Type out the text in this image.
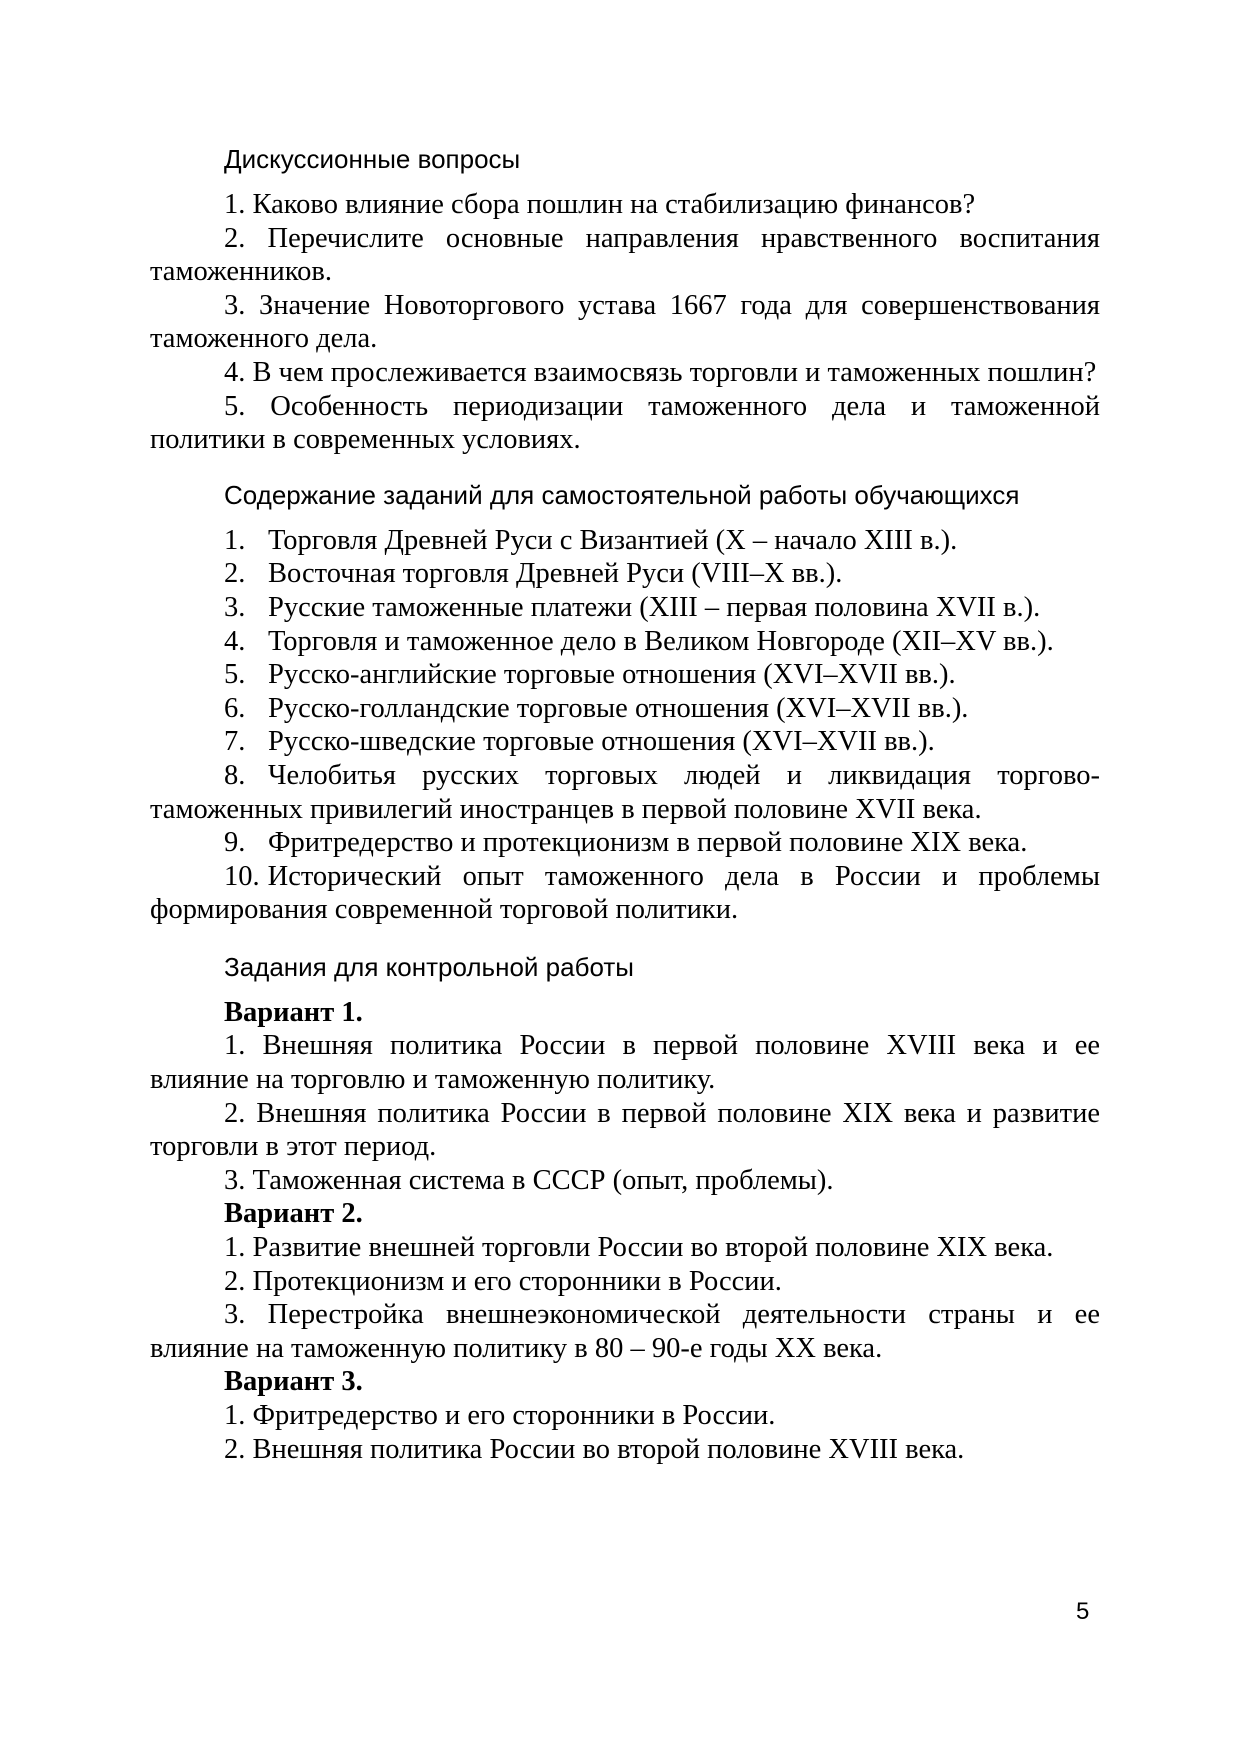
Дискуссионные вопросы

1. Каково влияние сбора пошлин на стабилизацию финансов?

2. Перечислите основные направления нравственного воспитания таможенников.

3. Значение Новоторгового устава 1667 года для совершенствования таможенного дела.

4. В чем прослеживается взаимосвязь торговли и таможенных пошлин?

5. Особенность периодизации таможенного дела и таможенной политики в современных условиях.

Содержание заданий для самостоятельной работы обучающихся

1. Торговля Древней Руси с Византией (X – начало XIII в.).

2. Восточная торговля Древней Руси (VIII–X вв.).

3. Русские таможенные платежи (XIII – первая половина XVII в.).

4. Торговля и таможенное дело в Великом Новгороде (XII–XV вв.).

5. Русско-английские торговые отношения (XVI–XVII вв.).

6. Русско-голландские торговые отношения (XVI–XVII вв.).

7. Русско-шведские торговые отношения (XVI–XVII вв.).

8. Челобитья русских торговых людей и ликвидация торгово-таможенных привилегий иностранцев в первой половине XVII века.

9. Фритредерство и протекционизм в первой половине XIX века.

10. Исторический опыт таможенного дела в России и проблемы формирования современной торговой политики.

Задания для контрольной работы

Вариант 1.

1. Внешняя политика России в первой половине XVIII века и ее влияние на торговлю и таможенную политику.

2. Внешняя политика России в первой половине XIX века и развитие торговли в этот период.

3. Таможенная система в СССР (опыт, проблемы).

Вариант 2.

1. Развитие внешней торговли России во второй половине XIX века.

2. Протекционизм и его сторонники в России.

3. Перестройка внешнеэкономической деятельности страны и ее влияние на таможенную политику в 80 – 90-е годы XX века.

Вариант 3.

1. Фритредерство и его сторонники в России.

2. Внешняя политика России во второй половине XVIII века.

5
